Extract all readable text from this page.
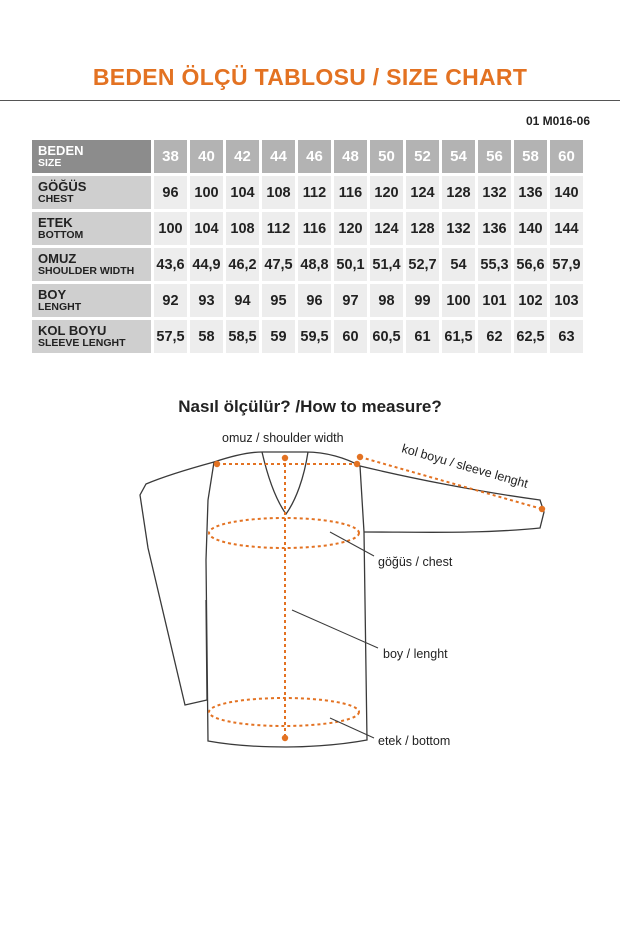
BEDEN ÖLÇÜ TABLOSU / SIZE CHART
01 M016-06
BEDEN
SIZE	38	40	42	44	46	48	50	52	54	56	58	60

GÖĞÜS
CHEST	96	100	104	108	112	116	120	124	128	132	136	140

ETEK
BOTTOM	100	104	108	112	116	120	124	128	132	136	140	144

OMUZ
SHOULDER WIDTH	43,6	44,9	46,2	47,5	48,8	50,1	51,4	52,7	54	55,3	56,6	57,9

BOY
LENGHT	92	93	94	95	96	97	98	99	100	101	102	103

KOL BOYU
SLEEVE LENGHT	57,5	58	58,5	59	59,5	60	60,5	61	61,5	62	62,5	63
Nasıl ölçülür? /How to measure?
omuz / shoulder width
kol boyu / sleeve lenght
göğüs / chest
boy / lenght
etek / bottom
